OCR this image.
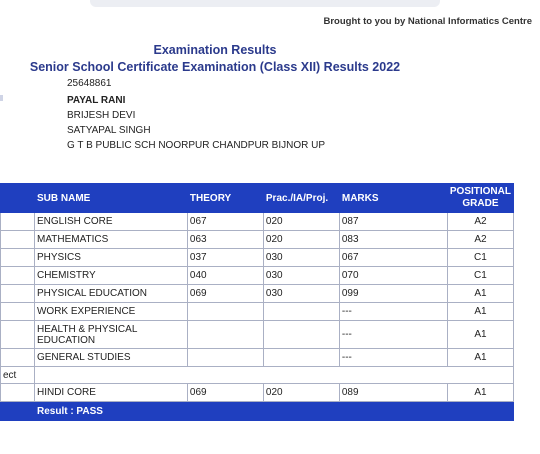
Brought to you by National Informatics Centre
Examination Results
Senior School Certificate Examination (Class XII) Results 2022
25648861
PAYAL RANI
BRIJESH DEVI
SATYAPAL SINGH
G T B PUBLIC SCH NOORPUR CHANDPUR BIJNOR UP
	SUB NAME	THEORY	Prac./IA/Proj.	MARKS	POSITIONAL
GRADE
	ENGLISH CORE	067	020	087	A2
	MATHEMATICS	063	020	083	A2
	PHYSICS	037	030	067	C1
	CHEMISTRY	040	030	070	C1
	PHYSICAL EDUCATION	069	030	099	A1
	WORK EXPERIENCE			---	A1
	HEALTH & PHYSICAL EDUCATION			---	A1
	GENERAL STUDIES			---	A1
ect					
	HINDI CORE	069	020	089	A1
	Result : PASS				
